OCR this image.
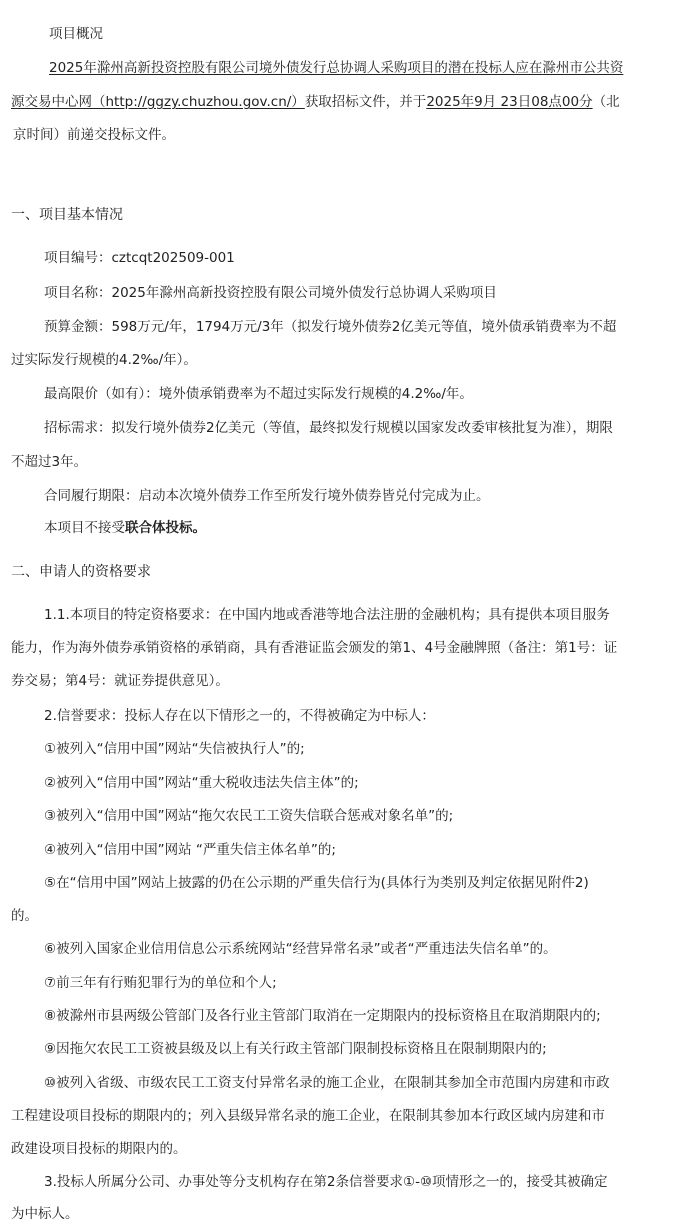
项目概况
2025年滁州高新投资控股有限公司境外债发行总协调人采购项目的潜在投标人应在滁州市公共资
源交易中心网（http://ggzy.chuzhou.gov.cn/）获取招标文件，并于2025年9月 23日08点00分（北
京时间）前递交投标文件。
一、项目基本情况
项目编号：cztcqt202509-001
项目名称：2025年滁州高新投资控股有限公司境外债发行总协调人采购项目
预算金额：598万元/年，1794万元/3年（拟发行境外债券2亿美元等值，境外债承销费率为不超
过实际发行规模的4.2‰/年）。
最高限价（如有）：境外债承销费率为不超过实际发行规模的4.2‰/年。
招标需求：拟发行境外债券2亿美元（等值，最终拟发行规模以国家发改委审核批复为准），期限
不超过3年。
合同履行期限：启动本次境外债券工作至所发行境外债券皆兑付完成为止。
本项目不接受联合体投标。
二、申请人的资格要求
1.1.本项目的特定资格要求：在中国内地或香港等地合法注册的金融机构；具有提供本项目服务
能力，作为海外债券承销资格的承销商，具有香港证监会颁发的第1、4号金融牌照（备注：第1号：证
券交易；第4号：就证券提供意见）。
2.信誉要求：投标人存在以下情形之一的，不得被确定为中标人：
①被列入“信用中国”网站“失信被执行人”的;
②被列入“信用中国”网站“重大税收违法失信主体”的;
③被列入“信用中国”网站“拖欠农民工工资失信联合惩戒对象名单”的;
④被列入“信用中国”网站 “严重失信主体名单”的;
⑤在“信用中国”网站上披露的仍在公示期的严重失信行为(具体行为类别及判定依据见附件2)
的。
⑥被列入国家企业信用信息公示系统网站“经营异常名录”或者“严重违法失信名单”的。
⑦前三年有行贿犯罪行为的单位和个人;
⑧被滁州市县两级公管部门及各行业主管部门取消在一定期限内的投标资格且在取消期限内的;
⑨因拖欠农民工工资被县级及以上有关行政主管部门限制投标资格且在限制期限内的;
⑩被列入省级、市级农民工工资支付异常名录的施工企业，在限制其参加全市范围内房建和市政
工程建设项目投标的期限内的；列入县级异常名录的施工企业，在限制其参加本行政区域内房建和市
政建设项目投标的期限内的。
3.投标人所属分公司、办事处等分支机构存在第2条信誉要求①-⑩项情形之一的，接受其被确定
为中标人。
